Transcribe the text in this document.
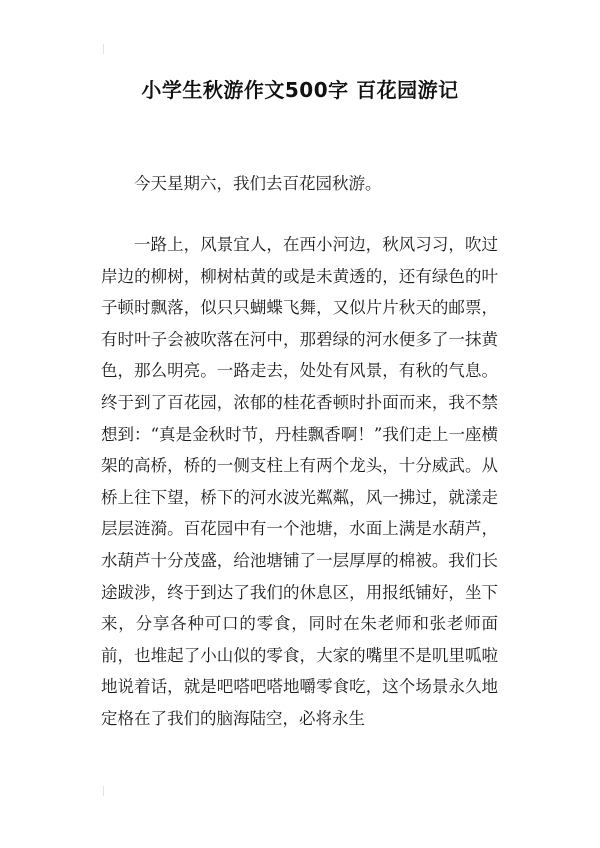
小学生秋游作文500字 百花园游记

今天星期六，我们去百花园秋游。

一路上，风景宜人，在西小河边，秋风习习，吹过岸边的柳树，柳树枯黄的或是未黄透的，还有绿色的叶子顿时飘落，似只只蝴蝶飞舞，又似片片秋天的邮票，有时叶子会被吹落在河中，那碧绿的河水便多了一抹黄色，那么明亮。一路走去，处处有风景，有秋的气息。终于到了百花园，浓郁的桂花香顿时扑面而来，我不禁想到：“真是金秋时节，丹桂飘香啊！”我们走上一座横架的高桥，桥的一侧支柱上有两个龙头，十分威武。从桥上往下望，桥下的河水波光粼粼，风一拂过，就漾走层层涟漪。百花园中有一个池塘，水面上满是水葫芦，水葫芦十分茂盛，给池塘铺了一层厚厚的棉被。我们长途跋涉，终于到达了我们的休息区，用报纸铺好，坐下来，分享各种可口的零食，同时在朱老师和张老师面前，也堆起了小山似的零食，大家的嘴里不是叽里呱啦地说着话，就是吧嗒吧嗒地嚼零食吃，这个场景永久地定格在了我们的脑海陆空，必将永生
